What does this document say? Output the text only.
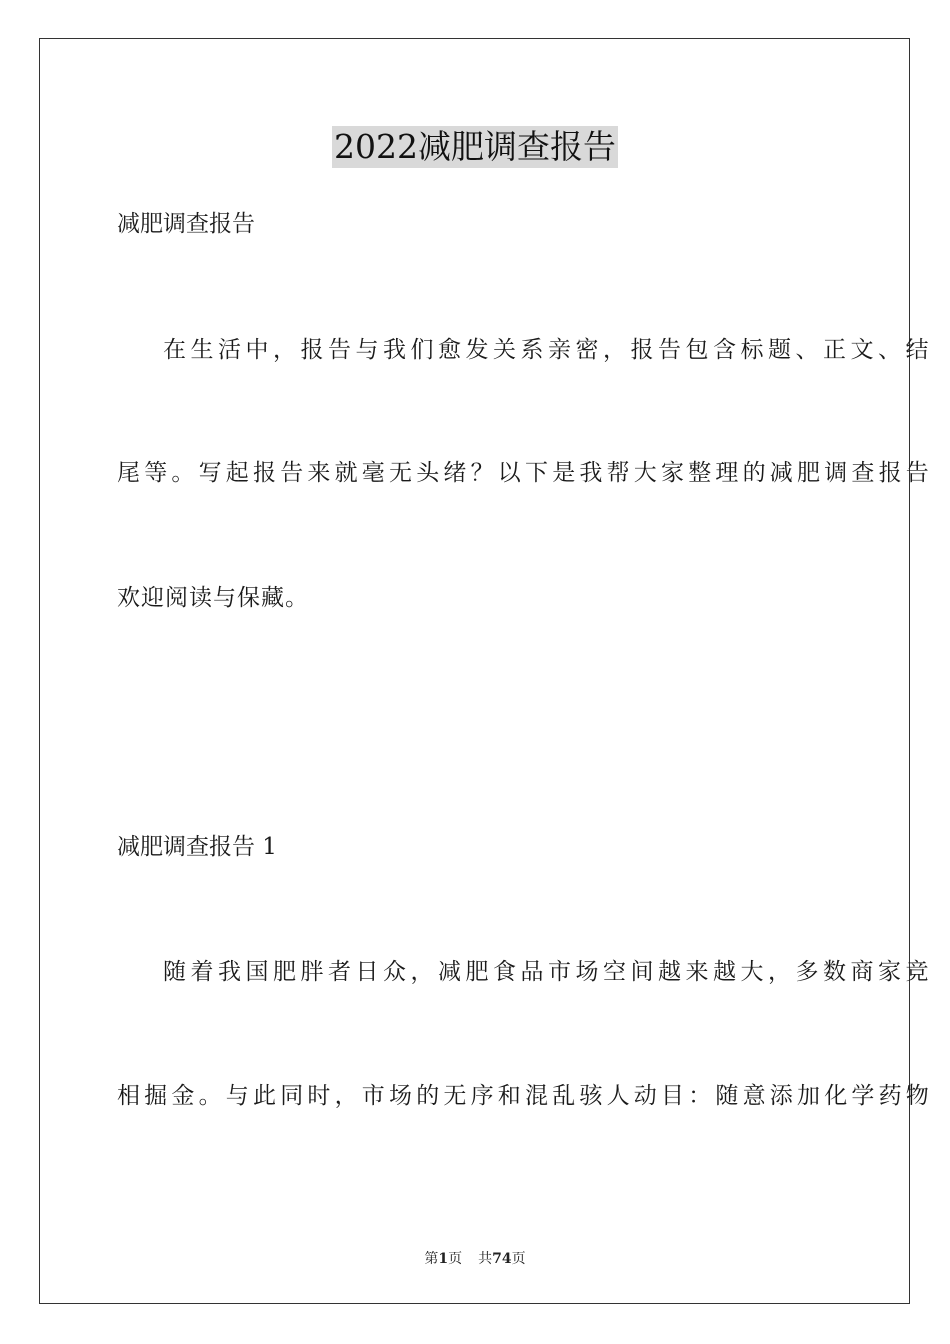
2022减肥调查报告
减肥调查报告
在生活中，报告与我们愈发关系亲密，报告包含标题、正文、结
尾等。写起报告来就毫无头绪？以下是我帮大家整理的减肥调查报告
欢迎阅读与保藏。
减肥调查报告 1
随着我国肥胖者日众，减肥食品市场空间越来越大，多数商家竞
相掘金。与此同时，市场的无序和混乱骇人动目：随意添加化学药物
第1页 共74页
